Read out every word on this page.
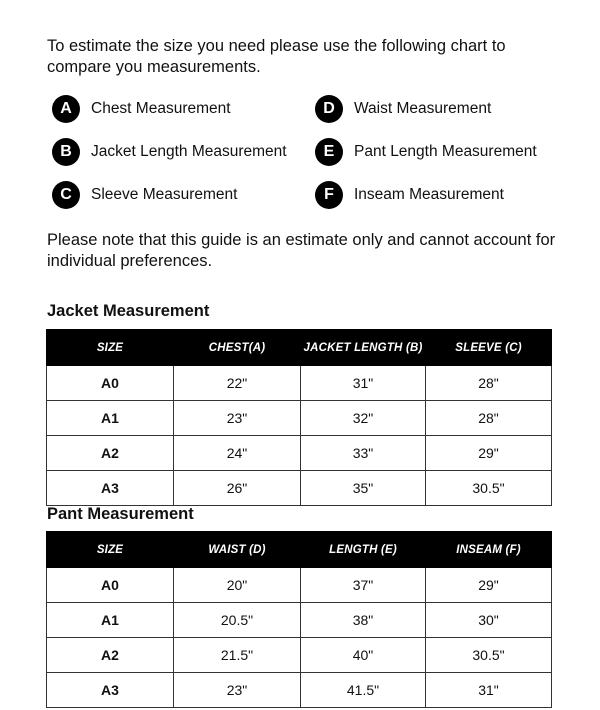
To estimate the size you need please use the following chart to compare you measurements.

A	Chest Measurement
B	Jacket Length Measurement
C	Sleeve Measurement
D	Waist Measurement
E	Pant Length Measurement
F	Inseam Measurement

Please note that this guide is an estimate only and cannot account for individual preferences.

Jacket Measurement
SIZE	CHEST(A)	JACKET LENGTH (B)	SLEEVE (C)
A0	22"	31"	28"
A1	23"	32"	28"
A2	24"	33"	29"
A3	26"	35"	30.5"
Pant Measurement
SIZE	WAIST (D)	LENGTH (E)	INSEAM (F)
A0	20"	37"	29"
A1	20.5"	38"	30"
A2	21.5"	40"	30.5"
A3	23"	41.5"	31"
